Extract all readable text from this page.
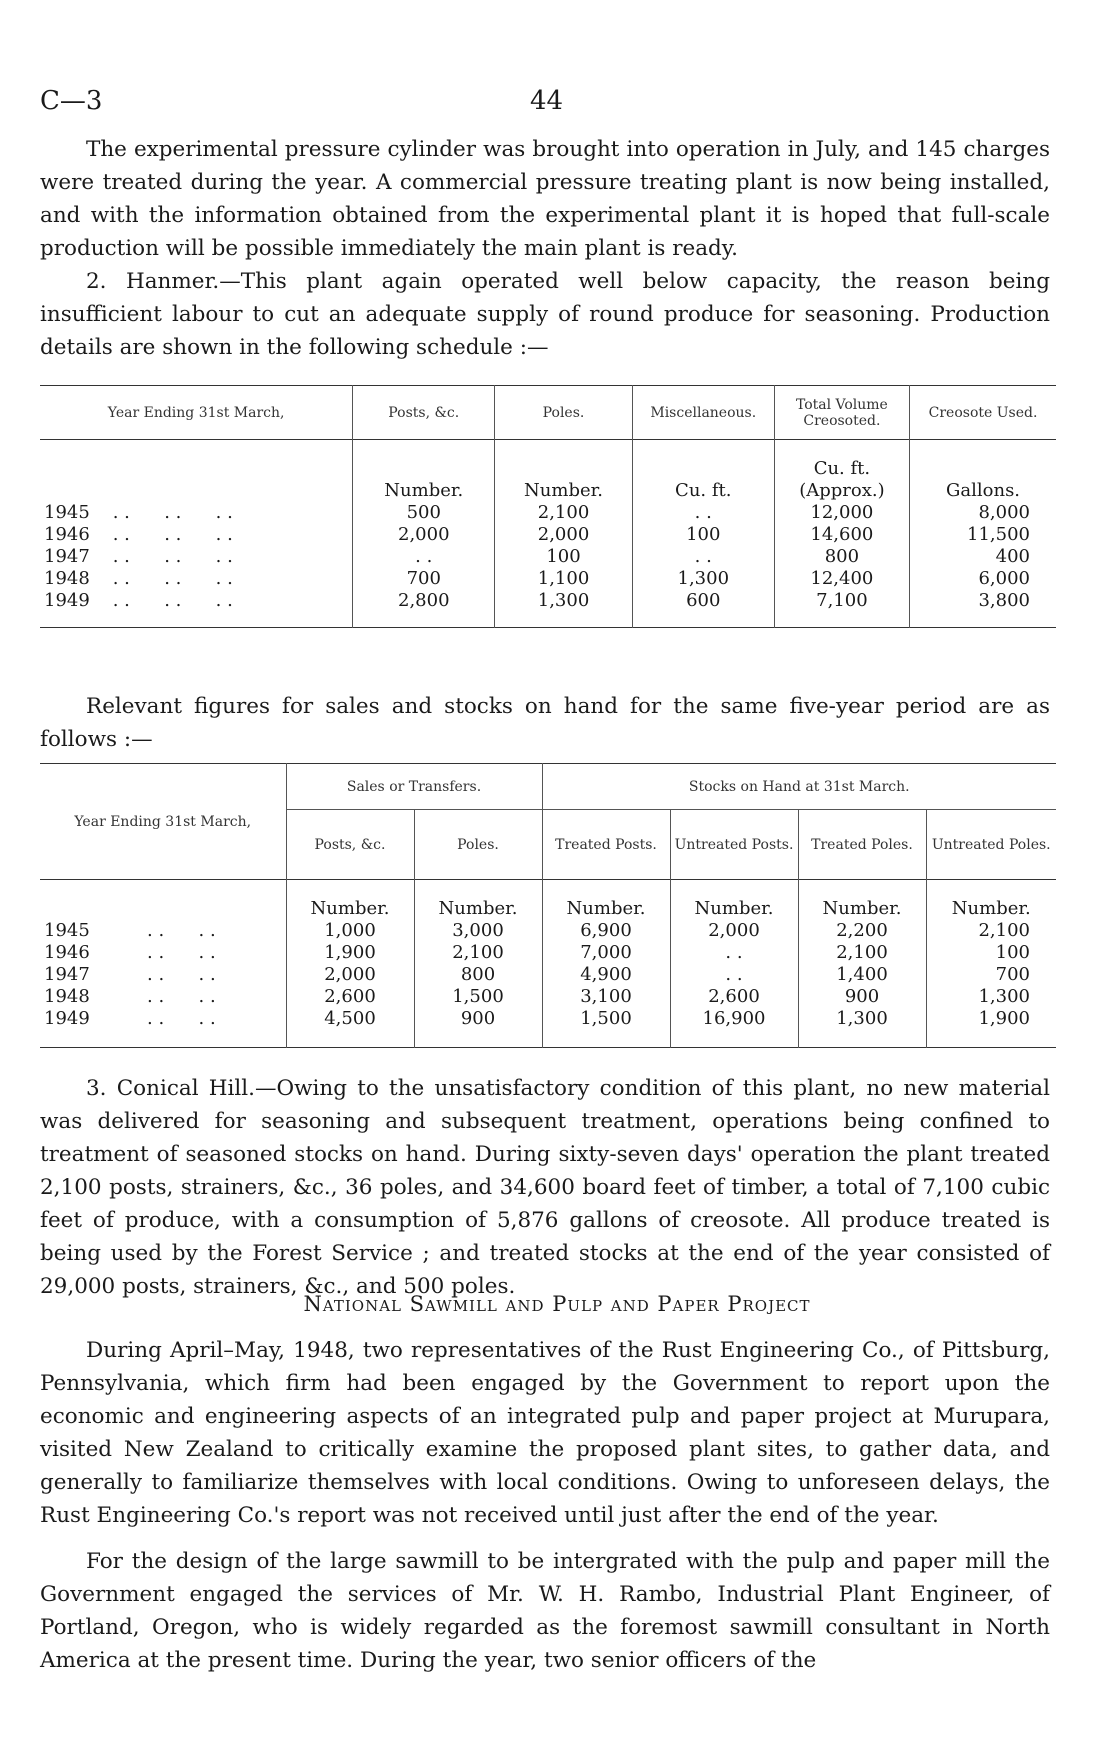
C—3	44
The experimental pressure cylinder was brought into operation in July, and 145 charges were treated during the year. A commercial pressure treating plant is now being installed, and with the information obtained from the experimental plant it is hoped that full-scale production will be possible immediately the main plant is ready.
2. Hanmer.—This plant again operated well below capacity, the reason being insufficient labour to cut an adequate supply of round produce for seasoning. Production details are shown in the following schedule :—
Year Ending 31st March,	Posts, &c.	Poles.	Miscellaneous.	Total Volume Creosoted.	Creosote Used.
	Number.	Number.	Cu. ft.	Cu. ft. (Approx.)	Gallons.
1945    . .      . .      . .	500	2,100	. .	12,000	8,000
1946    . .      . .      . .	2,000	2,000	100	14,600	11,500
1947    . .      . .      . .	. .	100	. .	800	400
1948    . .      . .      . .	700	1,100	1,300	12,400	6,000
1949    . .      . .      . .	2,800	1,300	600	7,100	3,800
Relevant figures for sales and stocks on hand for the same five-year period are as follows :—
Year Ending 31st March,	Sales or Transfers.		Stocks on Hand at 31st March.			
	Posts, &c.	Poles.	Treated Posts.	Untreated Posts.	Treated Poles.	Untreated Poles.
	Number.	Number.	Number.	Number.	Number.	Number.
1945          . .      . .	1,000	3,000	6,900	2,000	2,200	2,100
1946          . .      . .	1,900	2,100	7,000	. .	2,100	100
1947          . .      . .	2,000	800	4,900	. .	1,400	700
1948          . .      . .	2,600	1,500	3,100	2,600	900	1,300
1949          . .      . .	4,500	900	1,500	16,900	1,300	1,900
3. Conical Hill.—Owing to the unsatisfactory condition of this plant, no new material was delivered for seasoning and subsequent treatment, operations being confined to treatment of seasoned stocks on hand. During sixty-seven days' operation the plant treated 2,100 posts, strainers, &c., 36 poles, and 34,600 board feet of timber, a total of 7,100 cubic feet of produce, with a consumption of 5,876 gallons of creosote. All produce treated is being used by the Forest Service ; and treated stocks at the end of the year consisted of 29,000 posts, strainers, &c., and 500 poles.
National Sawmill and Pulp and Paper Project
During April–May, 1948, two representatives of the Rust Engineering Co., of Pittsburg, Pennsylvania, which firm had been engaged by the Government to report upon the economic and engineering aspects of an integrated pulp and paper project at Murupara, visited New Zealand to critically examine the proposed plant sites, to gather data, and generally to familiarize themselves with local conditions. Owing to unforeseen delays, the Rust Engineering Co.'s report was not received until just after the end of the year.
For the design of the large sawmill to be intergrated with the pulp and paper mill the Government engaged the services of Mr. W. H. Rambo, Industrial Plant Engineer, of Portland, Oregon, who is widely regarded as the foremost sawmill consultant in North America at the present time. During the year, two senior officers of the
